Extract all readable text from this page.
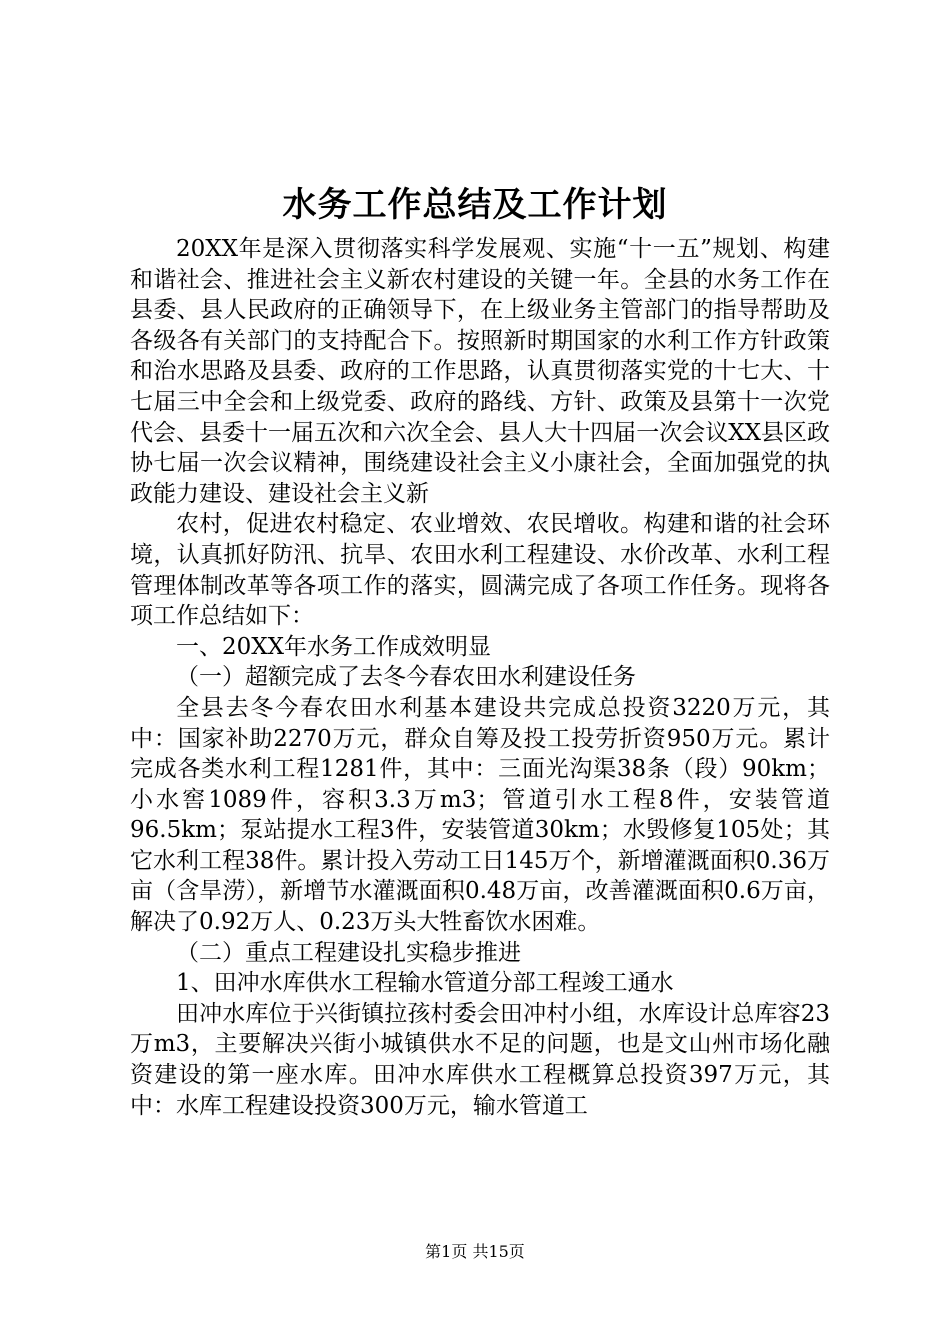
水务工作总结及工作计划

20XX年是深入贯彻落实科学发展观、实施“十一五”规划、构建和谐社会、推进社会主义新农村建设的关键一年。全县的水务工作在县委、县人民政府的正确领导下，在上级业务主管部门的指导帮助及各级各有关部门的支持配合下。按照新时期国家的水利工作方针政策和治水思路及县委、政府的工作思路，认真贯彻落实党的十七大、十七届三中全会和上级党委、政府的路线、方针、政策及县第十一次党代会、县委十一届五次和六次全会、县人大十四届一次会议XX县区政协七届一次会议精神，围绕建设社会主义小康社会，全面加强党的执政能力建设、建设社会主义新

农村，促进农村稳定、农业增效、农民增收。构建和谐的社会环境，认真抓好防汛、抗旱、农田水利工程建设、水价改革、水利工程管理体制改革等各项工作的落实，圆满完成了各项工作任务。现将各项工作总结如下：

一、20XX年水务工作成效明显

（一）超额完成了去冬今春农田水利建设任务

全县去冬今春农田水利基本建设共完成总投资3220万元，其中：国家补助2270万元，群众自筹及投工投劳折资950万元。累计完成各类水利工程1281件，其中：三面光沟渠38条（段）90km；小水窖1089件，容积3.3万m3；管道引水工程8件，安装管道96.5km；泵站提水工程3件，安装管道30km；水毁修复105处；其它水利工程38件。累计投入劳动工日145万个，新增灌溉面积0.36万亩（含旱涝），新增节水灌溉面积0.48万亩，改善灌溉面积0.6万亩，解决了0.92万人、0.23万头大牲畜饮水困难。

（二）重点工程建设扎实稳步推进

1、田冲水库供水工程输水管道分部工程竣工通水

田冲水库位于兴街镇拉孩村委会田冲村小组，水库设计总库容23万m3，主要解决兴街小城镇供水不足的问题，也是文山州市场化融资建设的第一座水库。田冲水库供水工程概算总投资397万元，其中：水库工程建设投资300万元，输水管道工

第1页 共15页
